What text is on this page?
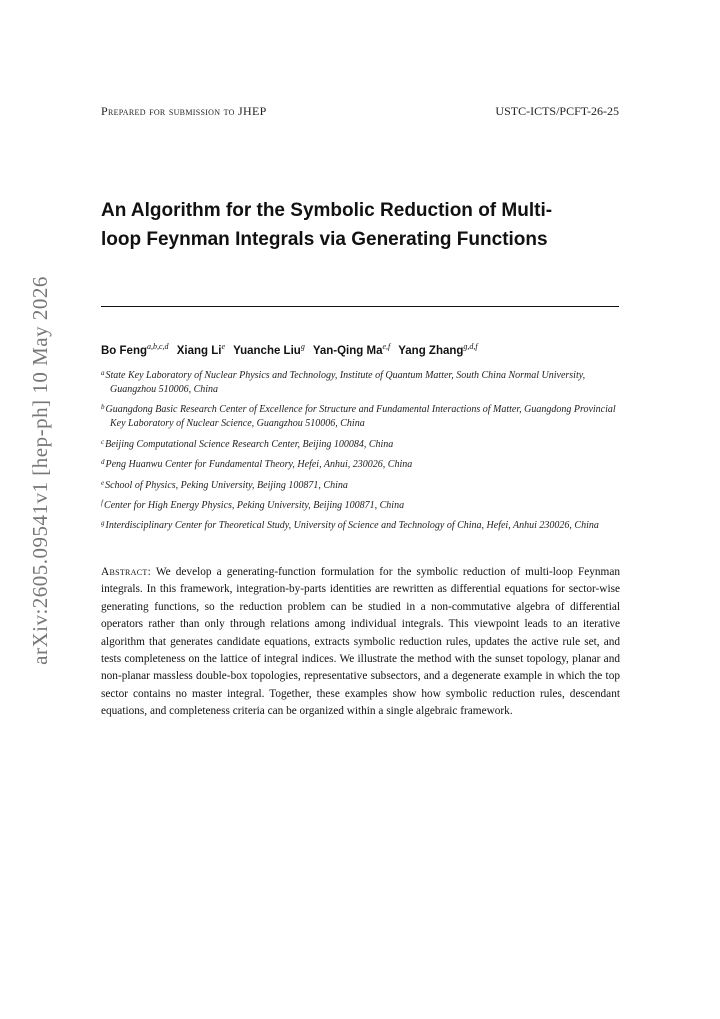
arXiv:2605.09541v1 [hep-ph] 10 May 2026
Prepared for submission to JHEP	USTC-ICTS/PCFT-26-25
An Algorithm for the Symbolic Reduction of Multi-loop Feynman Integrals via Generating Functions
Bo Feng$^{a,b,c,d}$ Xiang Li$^e$ Yuanche Liu$^g$ Yan-Qing Ma$^{e,f}$ Yang Zhang$^{g,d,f}$
$^a$State Key Laboratory of Nuclear Physics and Technology, Institute of Quantum Matter, South China Normal University, Guangzhou 510006, China
$^b$Guangdong Basic Research Center of Excellence for Structure and Fundamental Interactions of Matter, Guangdong Provincial Key Laboratory of Nuclear Science, Guangzhou 510006, China
$^c$Beijing Computational Science Research Center, Beijing 100084, China
$^d$Peng Huanwu Center for Fundamental Theory, Hefei, Anhui, 230026, China
$^e$School of Physics, Peking University, Beijing 100871, China
$^f$Center for High Energy Physics, Peking University, Beijing 100871, China
$^g$Interdisciplinary Center for Theoretical Study, University of Science and Technology of China, Hefei, Anhui 230026, China

Abstract: We develop a generating-function formulation for the symbolic reduction of multi-loop Feynman integrals. In this framework, integration-by-parts identities are rewritten as differential equations for sector-wise generating functions, so the reduction problem can be studied in a non-commutative algebra of differential operators rather than only through relations among individual integrals. This viewpoint leads to an iterative algorithm that generates candidate equations, extracts symbolic reduction rules, updates the active rule set, and tests completeness on the lattice of integral indices. We illustrate the method with the sunset topology, planar and non-planar massless double-box topologies, representative subsectors, and a degenerate example in which the top sector contains no master integral. Together, these examples show how symbolic reduction rules, descendant equations, and completeness criteria can be organized within a single algebraic framework.
